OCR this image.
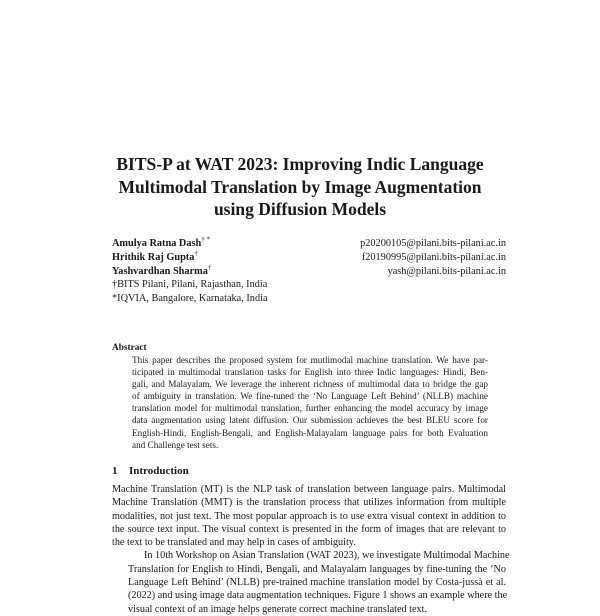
BITS-P at WAT 2023: Improving Indic Language
Multimodal Translation by Image Augmentation
using Diffusion Models
Amulya Ratna Dash† *
Hrithik Raj Gupta†
Yashvardhan Sharma†
†BITS Pilani, Pilani, Rajasthan, India
*IQVIA, Bangalore, Karnataka, India
p20200105@pilani.bits-pilani.ac.in
f20190995@pilani.bits-pilani.ac.in
yash@pilani.bits-pilani.ac.in
Abstract
This paper describes the proposed system for mutlimodal machine translation. We have par-
ticipated in multimodal translation tasks for English into three Indic languages: Hindi, Ben-
gali, and Malayalam. We leverage the inherent richness of multimodal data to bridge the gap
of ambiguity in translation. We fine-tuned the ‘No Language Left Behind’ (NLLB) machine
translation model for multimodal translation, further enhancing the model accuracy by image
data augmentation using latent diffusion. Our submission achieves the best BLEU score for
English-Hindi, English-Bengali, and English-Malayalam language pairs for both Evaluation
and Challenge test sets.
1 Introduction

Machine Translation (MT) is the NLP task of translation between language pairs. Multimodal
Machine Translation (MMT) is the translation process that utilizes information from multiple
modalities, not just text. The most popular approach is to use extra visual context in addition to
the source text input. The visual context is presented in the form of images that are relevant to
the text to be translated and may help in cases of ambiguity.

In 10th Workshop on Asian Translation (WAT 2023), we investigate Multimodal Machine
Translation for English to Hindi, Bengali, and Malayalam languages by fine-tuning the ‘No
Language Left Behind’ (NLLB) pre-trained machine translation model by Costa-jussà et al.
(2022) and using image data augmentation techniques. Figure 1 shows an example where the
visual context of an image helps generate correct machine translated text.
